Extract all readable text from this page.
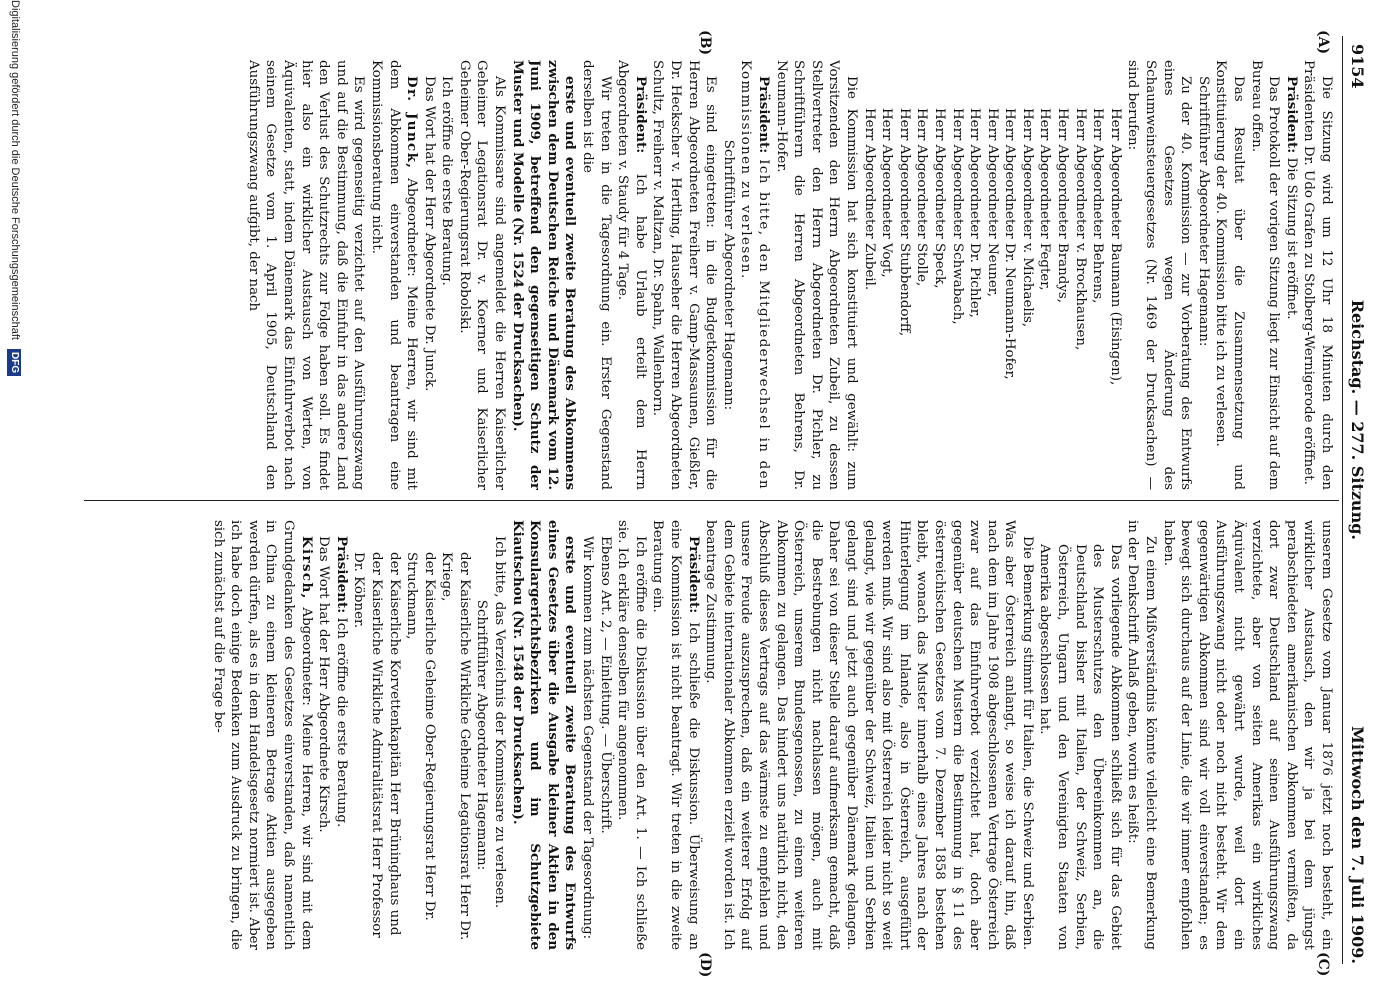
9154  Reichstag. — 277. Sitzung.
Mittwoch den 7. Juli 1909.
(A)
(B)
(C)
(D)

Die Sitzung wird um 12 Uhr 18 Minuten durch den Präsidenten Dr. Udo Grafen zu Stolberg-Wernigerode eröffnet.

Präsident: Die Sitzung ist eröffnet.

Das Protokoll der vorigen Sitzung liegt zur Einsicht auf dem Bureau offen.

Das Resultat über die Zusammensetzung und Konstituierung der 40. Kommission bitte ich zu verlesen.

Schriftführer Abgeordneter Hagemann:

Zu der 40. Kommission — zur Vorberatung des Entwurfs eines Gesetzes wegen Änderung des Schaumweinsteuergesetzes (Nr. 1469 der Drucksachen) — sind berufen:

Herr Abgeordneter Baumann (Eisingen),

Herr Abgeordneter Behrens,

Herr Abgeordneter v. Brockhausen,

Herr Abgeordneter Brandys,

Herr Abgeordneter Fegter,

Herr Abgeordneter v. Michaelis,

Herr Abgeordneter Dr. Neumann-Hofer,

Herr Abgeordneter Neuner,

Herr Abgeordneter Dr. Pichler,

Herr Abgeordneter Schwabach,

Herr Abgeordneter Speck,

Herr Abgeordneter Stolle,

Herr Abgeordneter Stubbendorff,

Herr Abgeordneter Vogt,

Herr Abgeordneter Zubeil.

Die Kommission hat sich konstituiert und gewählt: zum Vorsitzenden den Herrn Abgeordneten Zubeil, zu dessen Stellvertreter den Herrn Abgeordneten Dr. Pichler, zu Schriftführern die Herren Abgeordneten Behrens, Dr. Neumann-Hofer.

Präsident: Ich bitte, den Mitgliederwechsel in den Kommissionen zu verlesen.

Schriftführer Abgeordneter Hagemann:

Es sind eingetreten: in die Budgetkommission für die Herren Abgeordneten Freiherr v. Gamp-Massaunen, Gießler, Dr. Heckscher v. Hertling, Hauseher die Herren Abgeordneten Schultz, Freiherr v. Maltzan, Dr. Spahn, Wallenborn.

Präsident: Ich habe Urlaub erteilt dem Herrn Abgeordneten v. Staudy für 4 Tage.

Wir treten in die Tagesordnung ein. Erster Gegenstand derselben ist die

erste und eventuell zweite Beratung des Abkommens zwischen dem Deutschen Reiche und Dänemark vom 12. Juni 1909, betreffend den gegenseitigen Schutz der Muster und Modelle (Nr. 1524 der Drucksachen).

Als Kommissare sind angemeldet die Herren Kaiserlicher Geheimer Legationsrat Dr. v. Koerner und Kaiserlicher Geheimer Ober-Regierungsrat Robolski.

Ich eröffne die erste Beratung.

Das Wort hat der Herr Abgeordnete Dr. Junck.

Dr. Junck, Abgeordneter: Meine Herren, wir sind mit dem Abkommen einverstanden und beantragen eine Kommissionsberatung nicht.

Es wird gegenseitig verzichtet auf den Ausführungszwang und auf die Bestimmung, daß die Einfuhr in das andere Land den Verlust des Schutzrechts zur Folge haben soll. Es findet hier also ein wirklicher Austausch von Werten, von Äquivalenten, statt, indem Dänemark das Einfuhrverbot nach seinem Gesetze vom 1. April 1905, Deutschland den Ausführungszwang aufgibt, der nach

unserem Gesetze vom Januar 1876 jetzt noch besteht, ein wirklicher Austausch, den wir ja bei dem jüngst perabschiedeten amerikanischen Abkommen vermißten, da dort zwar Deutschland auf seinen Ausführungszwang verzichtete, aber von seiten Amerikas ein wirkliches Äquivalent nicht gewährt wurde, weil dort ein Ausführungszwang nicht oder noch nicht besteht. Wir dem gegenwärtigen Abkommen sind wir voll einverstanden; es bewegt sich durchaus auf der Linie, die wir immer empfohlen haben.

Zu einem Mißverständnis könnte vielleicht eine Bemerkung in der Denkschrift Anlaß geben, worin es heißt:

Das vorliegende Abkommen schließt sich für das Gebiet des Musterschutzes den Übereinkommen an, die Deutschland bisher mit Italien, der Schweiz, Serbien, Österreich, Ungarn und den Vereinigten Staaten von Amerika abgeschlossen hat.

Die Bemerkung stimmt für Italien, die Schweiz und Serbien. Was aber Österreich anlangt, so weise ich darauf hin, daß nach dem im Jahre 1908 abgeschlossenen Vertrage Österreich zwar auf das Einfuhrverbot verzichtet hat, doch aber gegenüber deutschen Mustern die Bestimmung in § 11 des österreichischen Gesetzes vom 7. Dezember 1858 bestehen bleibt, wonach das Muster innerhalb eines Jahres nach der Hinterlegung im Inlande, also in Österreich, ausgeführt werden muß. Wir sind also mit Österreich leider nicht so weit gelangt, wie wir gegenüber der Schweiz, Italien und Serbien gelangt sind und jetzt auch gegenüber Dänemark gelangen. Daher sei von dieser Stelle darauf aufmerksam gemacht, daß die Bestrebungen nicht nachlassen mögen, auch mit Österreich, unserem Bundesgenossen, zu einem weiteren Abkommen zu gelangen. Das hindert uns natürlich nicht, den Abschluß dieses Vertrags auf das wärmste zu empfehlen und unsere Freude auszusprechen, daß ein weiterer Erfolg auf dem Gebiete internationaler Abkommen erzielt worden ist. Ich beantrage Zustimmung.

Präsident: Ich schließe die Diskussion. Überweisung an eine Kommission ist nicht beantragt. Wir treten in die zweite Beratung ein.

Ich eröffne die Diskussion über den Art. 1. — Ich schließe sie. Ich erkläre denselben für angenommen.

Ebenso Art. 2, — Einleitung. — Überschrift.

Wir kommen zum nächsten Gegenstand der Tagesordnung:

erste und eventuell zweite Beratung des Entwurfs eines Gesetzes über die Ausgabe kleiner Aktien in den Konsulargerichtsbezirken und im Schutzgebiete Kiautschou (Nr. 1548 der Drucksachen).

Ich bitte, das Verzeichnis der Kommissare zu verlesen.

Schriftführer Abgeordneter Hagemann:

der Kaiserliche Wirkliche Geheime Legationsrat Herr Dr. Kriege,

der Kaiserliche Geheime Ober-Regierungsrat Herr Dr. Struckmann,

der Kaiserliche Korvettenkapitän Herr Brüninghaus und

der Kaiserliche Wirkliche Admiralitätsrat Herr Professor Dr. Köbner.

Präsident: Ich eröffne die erste Beratung.

Das Wort hat der Herr Abgeordnete Kirsch.

Kirsch, Abgeordneter: Meine Herren, wir sind mit dem Grundgedanken des Gesetzes einverstanden, daß namentlich in China zu einem kleineren Betrage Aktien ausgegeben werden dürfen, als es in dem Handelsgesetz normiert ist. Aber ich habe doch einige Bedenken zum Ausdruck zu bringen, die sich zunächst auf die Frage be-

Digitalisierung gefördert durch die Deutsche Forschungsgemeinschaft DFG
